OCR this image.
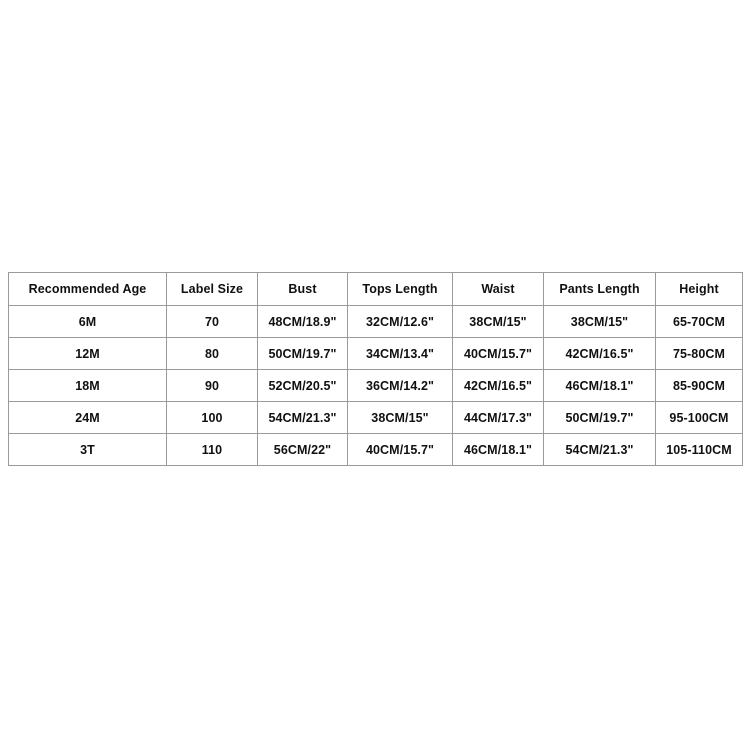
Recommended Age	Label Size	Bust	Tops Length	Waist	Pants Length	Height
6M	70	48CM/18.9"	32CM/12.6"	38CM/15"	38CM/15"	65-70CM
12M	80	50CM/19.7"	34CM/13.4"	40CM/15.7"	42CM/16.5"	75-80CM
18M	90	52CM/20.5"	36CM/14.2"	42CM/16.5"	46CM/18.1"	85-90CM
24M	100	54CM/21.3"	38CM/15"	44CM/17.3"	50CM/19.7"	95-100CM
3T	110	56CM/22"	40CM/15.7"	46CM/18.1"	54CM/21.3"	105-110CM
